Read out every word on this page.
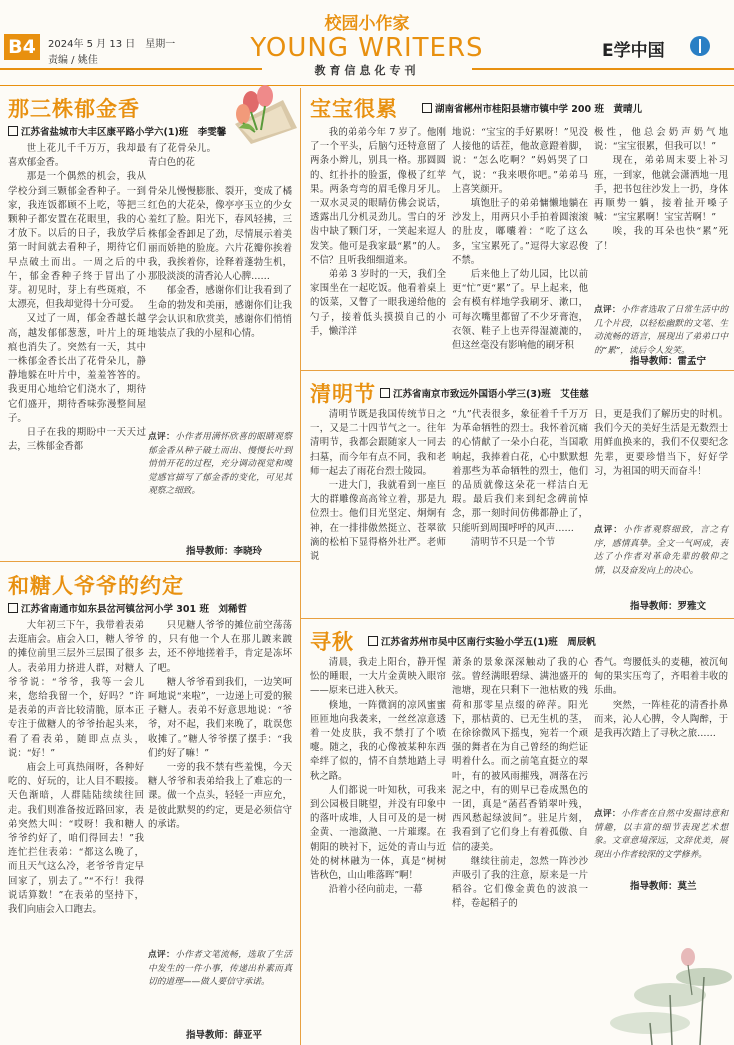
B4	2024年 5 月 13 日　星期一
责编 / 姚佳
校园小作家
YOUNG WRITERS	E学中国
教育信息化专刊
那三株郁金香
江苏省盐城市大丰区康平路小学六(1)班　李雯馨

世上花儿千千万万，我却最喜欢郁金香。

那是一个偶然的机会，我从学校分到三颗郁金香种子。一到家，我连饭都顾不上吃，等把三颗种子都安置在花眼里，我的心才放下。以后的日子，我放学后第一时间就去看种子，期待它们早点破土而出。一周之后的中午，郁金香种子终于冒出了小芽。初见时，芽上有些斑痕，不太漂亮，但我却觉得十分可爱。

又过了一周，郁金香越长越高，越发郁郁葱葱，叶片上的斑痕也消失了。突然有一天，其中一株郁金香长出了花骨朵儿，静静地躲在叶片中，羞羞答答的。我更用心地给它们浇水了，期待它们盛开，期待香味弥漫整间屋子。

日子在我的期盼中一天天过去，三株郁金香都

有了花骨朵儿。青白色的花

骨朵儿慢慢膨胀、裂开，变成了橘红色的大花朵，像亭亭玉立的少女羞红了脸。阳光下，春风轻拂，三株郁金香卸足了劲，尽情展示着美丽而娇艳的脸庞。六片花瓣你挨着我，我挨着你，诠释着蓬勃生机，那股淡淡的清香沁人心脾……

郁金香，感谢你们让我看到了生命的勃发和美丽，感谢你们让我学会认识和欣赏美，感谢你们悄悄地装点了我的小屋和心情。

点评：小作者用满怀欣喜的眼睛观察郁金香从种子破土而出、慢慢长叶到悄悄开花的过程，充分调动视觉和嗅觉感官描写了郁金香的变化，可见其观察之细致。
指导教师：李晓玲
和糖人爷爷的约定
江苏省南通市如东县岔河镇岔河小学 301 班　刘稀哲

大年初三下午，我带着表弟去逛庙会。庙会入口，糖人爷爷的摊位前里三层外三层围了很多人。表弟用力挤进人群，对糖人爷爷说：“爷爷，我等一会儿来，您给我留一个，好吗？”许是表弟的声音比较清脆，原本正专注于做糖人的爷爷抬起头来，看了看表弟，随即点点头，说：“好！”

庙会上可真热闹呀，各种好吃的、好玩的，让人目不暇接。天色渐暗，人群陆陆续续往回走。我们则准备按近路回家，表弟突然大叫：“哎呀！我和糖人爷爷约好了，咱们得回去！”我连忙拦住表弟：“都这么晚了，而且天气这么冷，老爷爷肯定早回家了，别去了。”“不行！我得说话算数！”在表弟的坚持下，我们向庙会入口跑去。

只见糖人爷爷的摊位前空荡荡的，只有他一个人在那儿踱来踱去，还不停地搓着手，肯定是冻坏了吧。

糖人爷爷看到我们，一边笑呵呵地说“来啦”，一边递上可爱的猴子糖人。表弟不好意思地说：“爷爷，对不起，我们来晚了，耽误您收摊了。”糖人爷爷摆了摆手：“我们约好了嘛！”

一旁的我不禁有些羞愧，今天糖人爷爷和表弟给我上了难忘的一课。做一个点头，轻轻一声应允，是彼此默契的约定，更是必须信守的承诺。

点评：小作者文笔流畅，选取了生活中发生的一件小事，传递出朴素而真切的道理——做人要信守承诺。
指导教师：薛亚平
宝宝很累	湖南省郴州市桂阳县塘市镇中学 200 班　黄晴儿

我的弟弟今年 7 岁了。他刚了一个平头，后脑勺还特意留了两条小辫儿，别具一格。那圆圆的、红扑扑的脸蛋，像极了红苹果。两条弯弯的眉毛像月牙儿。一双水灵灵的眼睛仿佛会说话，透露出几分机灵劲儿。雪白的牙齿中缺了颗门牙，一笑起来逗人发笑。他可是我家最“累”的人。不信？且听我细细道来。

弟弟 3 岁时的一天，我们全家围坐在一起吃饭。他看着桌上的饭菜，又瞥了一眼我递给他的勺子，接着低头摸摸自己的小手，懒洋洋

地说：“宝宝的手好累呀！”见没人接他的话茬，他故意蹬着脚，说：“怎么吃啊？”妈妈哭了口气，说：“我来喂你吧。”弟弟马上喜笑颜开。

填饱肚子的弟弟慵懒地躺在沙发上，用两只小手拍着圆滚滚的肚皮，嘟囔着：“吃了这么多，宝宝累死了。”逗得大家忍俊不禁。

后来他上了幼儿园，比以前更“忙”更“累”了。早上起来，他会有模有样地学我刷牙、漱口，可每次嘴里都留了不少牙膏泡，衣领、鞋子上也弄得湿漉漉的，但这丝毫没有影响他的刷牙积

极性，他总会奶声奶气地说：“宝宝很累，但我可以！”

现在，弟弟周末要上补习班，一到家，他就会潇洒地一甩手，把书包往沙发上一扔，身体再顺势一躺，接着扯开嗓子喊：“宝宝累啊！宝宝苦啊！”

唉，我的耳朵也快“累”死了！

点评：小作者选取了日常生活中的几个片段，以轻松幽默的文笔、生动流畅的语言，展现出了弟弟口中的“累”，读后令人发笑。
指导教师：雷孟宁
清明节	江苏省南京市致远外国语小学三(3)班　艾佳慈

清明节既是我国传统节日之一，又是二十四节气之一。往年清明节，我都会跟随家人一同去扫墓，而今年有点不同，我和老师一起去了雨花台烈士陵园。

一进大门，我就看到一座巨大的群雕像高高耸立着，那是九位烈士。他们目光坚定、炯炯有神，在一排排傲然挺立、苍翠欲滴的松柏下显得格外壮严。老师说

“九”代表很多，象征着千千万万为革命牺牲的烈士。我怀着沉痛的心情献了一朵小白花，当国歌响起，我捧着白花，心中默默想着那些为革命牺牲的烈士，他们的品质就像这朵花一样洁白无瑕。最后我们来到纪念碑前悼念，那一刻时间仿佛都静止了，只能听到周围呼呼的风声……

清明节不只是一个节

日，更是我们了解历史的时机。我们今天的美好生活是无数烈士用鲜血换来的，我们不仅要纪念先辈，更要珍惜当下，好好学习，为祖国的明天而奋斗！

点评：小作者观察细致，言之有序，感情真挚。全文一气呵成，表达了小作者对革命先辈的敬仰之情，以及奋发向上的决心。
指导教师：罗雅文
寻秋	江苏省苏州市吴中区南行实验小学五(1)班　周辰帆

清晨，我走上阳台，静开惺忪的睡眼，一大片金黄映入眼帘——原来已进入秋天。

倏地，一阵微润的凉风蜜蜜匝匝地向我袭来，一丝丝凉意透着一处皮肤，我不禁打了个喷嚏。随之，我的心像被某种东西牵绊了似的，情不自禁地踏上寻秋之路。

人们都说一叶知秋，可我来到公园极目眺望，并没有印象中的落叶成堆，人目可及的是一树金黄、一池潋滟、一片璀璨。在朝阳的映衬下，远处的青山与近处的树林融为一体，真是“树树皆秋色，山山唯落晖”啊！

沿着小径向前走，一幕

萧条的景象深深触动了我的心弦。曾经满眼碧绿、满池盛开的池塘，现在只剩下一池枯败的残荷和那零星点缀的碎萍。阳光下，那枯黄的、已无生机的茎，在徐徐微风下摇曳，宛若一个顽强的舞者在为自己曾经的绚烂证明着什么。而之前笔直挺立的翠叶，有的被风雨摧残，凋落在污泥之中，有的则早已卷成黑色的一团，真是“菡萏香销翠叶残，西风愁起绿波间”。驻足片刻，我看到了它们身上有着孤傲、自信的凄美。

继续往前走，忽然一阵沙沙声吸引了我的注意，原来是一片稻谷。它们像金黄色的波浪一样，卷起稻子的

香气。弯腰低头的麦穗，被沉甸甸的果实压弯了，齐唱着丰收的乐曲。

突然，一阵桂花的清香扑鼻而来，沁人心脾，令人陶醉，于是我再次踏上了寻秋之旅……

点评：小作者在自然中发掘诗意和情趣，以丰富的细节表现艺术想象。文章意境深远，文辞优美，展现出小作者较深的文学修养。
指导教师：莫兰
